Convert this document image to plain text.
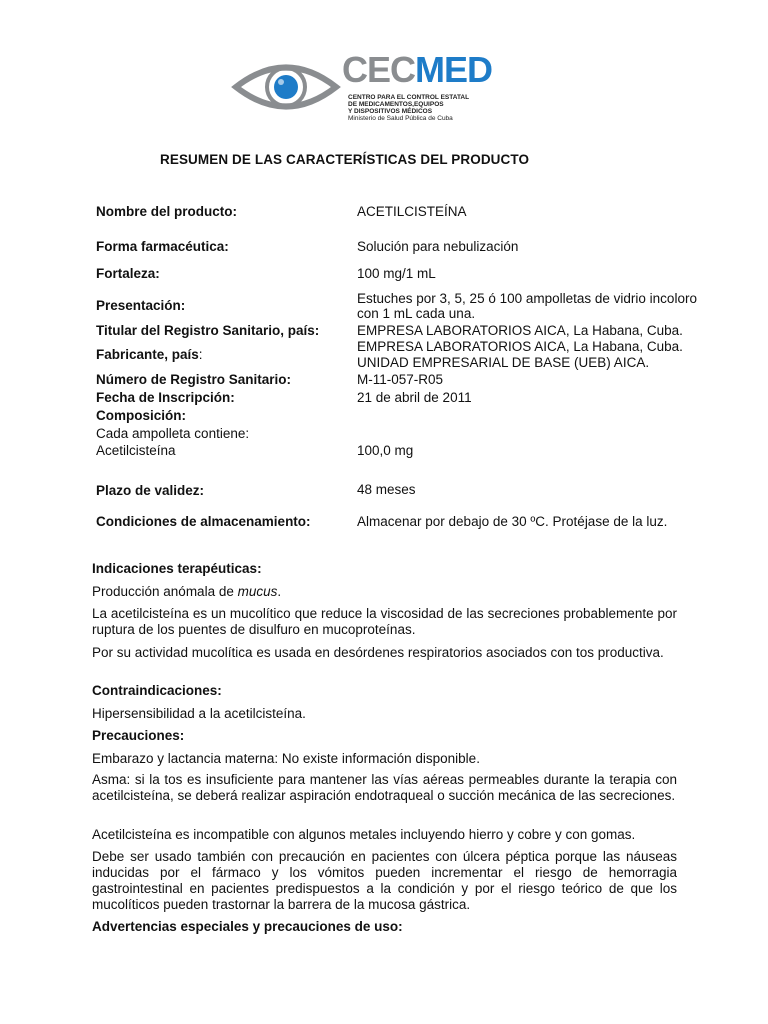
CECMED
CENTRO PARA EL CONTROL ESTATAL
DE MEDICAMENTOS,EQUIPOS
Y DISPOSITIVOS MÉDICOS
Ministerio de Salud Pública de Cuba
RESUMEN DE LAS CARACTERÍSTICAS DEL PRODUCTO
Nombre del producto:	ACETILCISTEÍNA
Forma farmacéutica:	Solución para nebulización
Fortaleza:	100 mg/1 mL
Presentación:	Estuches por 3, 5, 25 ó 100 ampolletas de vidrio incoloro
con 1 mL cada una.
Titular del Registro Sanitario, país:	EMPRESA LABORATORIOS AICA, La Habana, Cuba.
Fabricante, país:
EMPRESA LABORATORIOS AICA, La Habana, Cuba.
UNIDAD EMPRESARIAL DE BASE (UEB) AICA.
Número de Registro Sanitario:	M-11-057-R05
Fecha de Inscripción:	21 de abril de 2011
Composición:
Cada ampolleta contiene:
Acetilcisteína	100,0 mg
Plazo de validez:	48 meses
Condiciones de almacenamiento:	Almacenar por debajo de 30 ºC. Protéjase de la luz.
Indicaciones terapéuticas:
Producción anómala de mucus.
La acetilcisteína es un mucolítico que reduce la viscosidad de las secreciones probablemente por ruptura de los puentes de disulfuro en mucoproteínas.
Por su actividad mucolítica es usada en desórdenes respiratorios asociados con tos productiva.
Contraindicaciones:
Hipersensibilidad a la acetilcisteína.
Precauciones:
Embarazo y lactancia materna: No existe información disponible.
Asma: si la tos es insuficiente para mantener las vías aéreas permeables durante la terapia con acetilcisteína, se deberá realizar aspiración endotraqueal o succión mecánica de las secreciones.
Acetilcisteína es incompatible con algunos metales incluyendo hierro y cobre y con gomas.
Debe ser usado también con precaución en pacientes con úlcera péptica porque las náuseas inducidas por el fármaco y los vómitos pueden incrementar el riesgo de hemorragia gastrointestinal en pacientes predispuestos a la condición y por el riesgo teórico de que los mucolíticos pueden trastornar la barrera de la mucosa gástrica.
Advertencias especiales y precauciones de uso:
